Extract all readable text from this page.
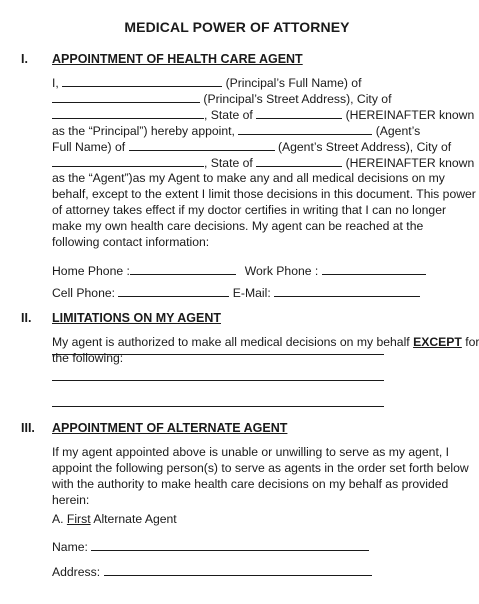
MEDICAL POWER OF ATTORNEY
I. APPOINTMENT OF HEALTH CARE AGENT
I,	(Principal’s Full Name) of
(Principal’s Street Address), City of
, State of	(HEREINAFTER known
as the “Principal”) hereby appoint,	(Agent’s
Full Name) of	(Agent’s Street Address), City of
, State of	(HEREINAFTER known
as the “Agent”)as my Agent to make any and all medical decisions on my
behalf, except to the extent I limit those decisions in this document. This power
of attorney takes effect if my doctor certifies in writing that I can no longer
make my own health care decisions. My agent can be reached at the
following contact information:
Home Phone :	Work Phone :
Cell Phone:	E-Mail:
II. LIMITATIONS ON MY AGENT
My agent is authorized to make all medical decisions on my behalf EXCEPT for
the following:
III. APPOINTMENT OF ALTERNATE AGENT
If my agent appointed above is unable or unwilling to serve as my agent, I
appoint the following person(s) to serve as agents in the order set forth below
with the authority to make health care decisions on my behalf as provided
herein:
A. First Alternate Agent
Name:
Address:
